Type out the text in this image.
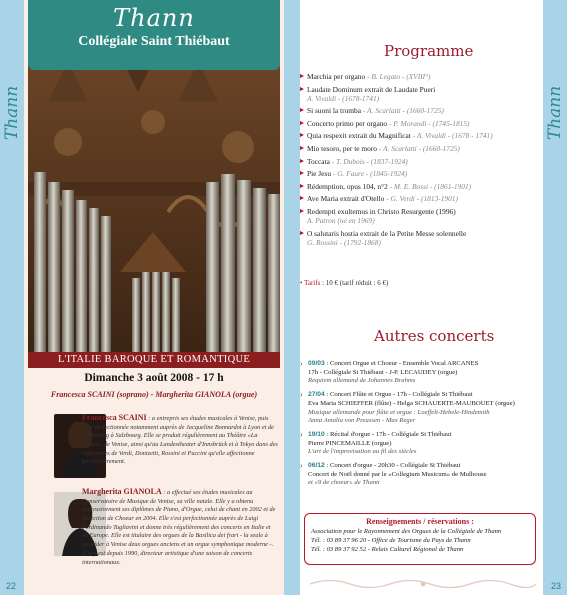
Thann
22
Thann
23
Thann
Collégiale Saint Thiébaut
L'ITALIE BAROQUE ET ROMANTIQUE
Dimanche 3 août 2008 - 17 h
Francesca SCAINI (soprano) - Margherita GIANOLA (orgue)
Francesca SCAINI : a entrepris ses études musicales à Venise, puis s'est perfectionnée notamment auprès de Jacqueline Bonnardot à Lyon et de J. Walissig à Salzbourg. Elle se produit régulièrement au Théâtre «La Fenice» de Venise, ainsi qu'au Landestheater d'Innsbrück et à Tokyo dans des répertoires de Verdi, Donizetti, Rossini et Puccini qu'elle affectionne particulièrement.
Margherita GIANOLA : a effectué ses études musicales au Conservatoire de Musique de Venise, sa ville natale. Elle y a obtenu successivement ses diplômes de Piano, d'Orgue, celui de chant en 2002 et de Direction de Choeur en 2004. Elle s'est perfectionnée auprès de Luigi Ferdinando Tagliavini et donne très régulièrement des concerts en Italie et en Europe. Elle est titulaire des orgues de la Basilica dei frari - la seule à posséder à Venise deux orgues anciens et un orgue symphonique moderne -. Elle y est depuis 1990, directeur artistique d'une saison de concerts internationaux.
Programme
Marchia per organo - B. Legato - (XVIII°)
Laudate Dominum extrait de Laudate Pueri
A. Vivaldi - (1678-1741)
Si suoni la tromba - A. Scarlatti - (1660-1725)
Concerto primo per organo - P. Morandi - (1745-1815)
Quia respexit extrait du Magnificat - A. Vivaldi - (1678 - 1741)
Mio tesoro, per te moro - A. Scarlatti - (1660-1725)
Toccata - T. Dubois - (1837-1924)
Pie Jesu - G. Faure - (1845-1924)
Rédemption, opus 104, n°2 - M. E. Bossi - (1861-1901)
Ave Maria extrait d'Otello - G. Verdi - (1813-1901)
Redempti exultemus in Christo Resurgente (1996)
A. Patron (né en 1969)
O salutaris hostia extrait de la Petite Messe solennelle
G. Rossini - (1792-1868)
• Tarifs : 10 € (tarif réduit : 6 €)
Autres concerts
› 09/03 : Concert Orgue et Choeur - Ensemble Vocal ARCANES
17h - Collégiale St Thiébaut - J-P. LECAUDEY (orgue)
Requiem allemand de Johannes Brahms
› 27/04 : Concert Flûte et Orgue - 17h - Collégiale St Thiébaut
Eva Maria SCHIEFFER (flûte) - Helga SCHAUERTE-MAUBOUET (orgue)
Musique allemande pour flûte et orgue : Loeffelt-Hebele-Hindemith
Anna Amalia von Preussen - Max Reger
› 19/10 : Récital d'orgue - 17h - Collégiale St Thiébaut
Pierre PINCEMAILLE (orgue)
L'art de l'improvisation au fil des siècles
› 06/12 : Concert d'orgue - 20h30 - Collégiale St Thiébaut
Concert de Noël donné par le «Collegium Musicum» de Mulhouse
et «9 de choeur» de Thann
Renseignements / réservations :
Association pour le Rayonnement des Orgues de la Collégiale de Thann
Tél. : 03 89 37 96 20 - Office de Tourisme du Pays de Thann
Tél. : 03 89 37 92 52 - Relais Culturel Régional de Thann
